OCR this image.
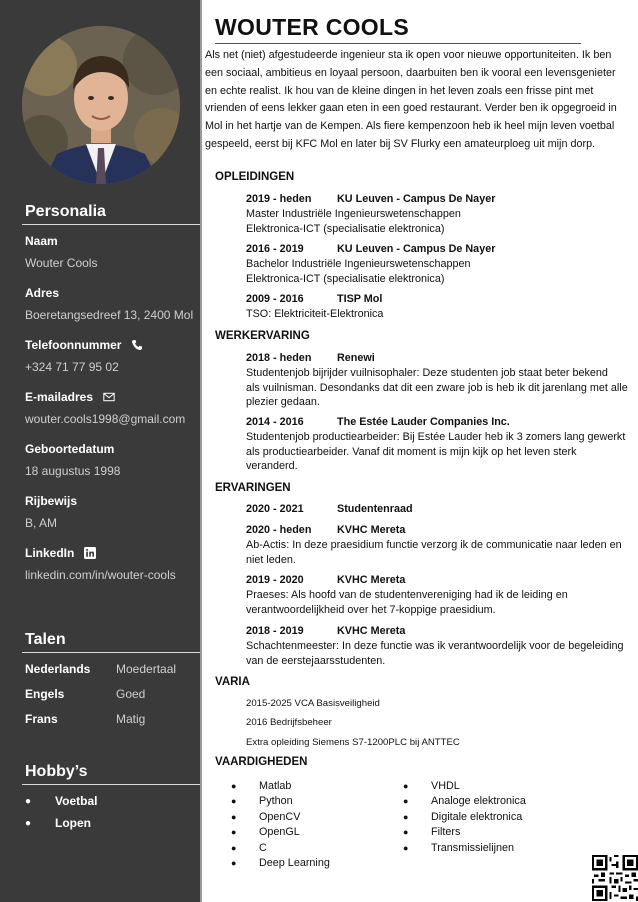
Personalia
Naam
Wouter Cools
Adres
Boeretangsedreef 13, 2400 Mol
Telefoonnummer
+324 71 77 95 02
E-mailadres
wouter.cools1998@gmail.com
Geboortedatum
18 augustus 1998
Rijbewijs
B, AM
LinkedIn
linkedin.com/in/wouter-cools
Talen
Nederlands	Moedertaal
Engels	Goed
Frans	Matig
Hobby’s
●	Voetbal
●	Lopen
WOUTER COOLS
Als net (niet) afgestudeerde ingenieur sta ik open voor nieuwe opportuniteiten. Ik ben een sociaal, ambitieus en loyaal persoon, daarbuiten ben ik vooral een levensgenieter en echte realist. Ik hou van de kleine dingen in het leven zoals een frisse pint met vrienden of eens lekker gaan eten in een goed restaurant. Verder ben ik opgegroeid in Mol in het hartje van de Kempen. Als fiere kempenzoon heb ik heel mijn leven voetbal gespeeld, eerst bij KFC Mol en later bij SV Flurky een amateurploeg uit mijn dorp.
OPLEIDINGEN
2019 - heden	KU Leuven - Campus De Nayer
Master Industriële Ingenieurswetenschappen
Elektronica-ICT (specialisatie elektronica)
2016 - 2019	KU Leuven - Campus De Nayer
Bachelor Industriële Ingenieurswetenschappen
Elektronica-ICT (specialisatie elektronica)
2009 - 2016	TISP Mol
TSO: Elektriciteit-Elektronica
WERKERVARING
2018 - heden	Renewi
Studentenjob bijrijder vuilnisophaler: Deze studenten job staat beter bekend
als vuilnisman. Desondanks dat dit een zware job is heb ik dit jarenlang met alle
plezier gedaan.
2014 - 2016	The Estée Lauder Companies Inc.
Studentenjob productiearbeider: Bij Estée Lauder heb ik 3 zomers lang gewerkt
als productiearbeider. Vanaf dit moment is mijn kijk op het leven sterk
veranderd.
ERVARINGEN
2020 - 2021	Studentenraad
2020 - heden	KVHC Mereta
Ab-Actis: In deze praesidium functie verzorg ik de communicatie naar leden en
niet leden.
2019 - 2020	KVHC Mereta
Praeses: Als hoofd van de studentenvereniging had ik de leiding en
verantwoordelijkheid over het 7-koppige praesidium.
2018 - 2019	KVHC Mereta
Schachtenmeester: In deze functie was ik verantwoordelijk voor de begeleiding
van de eerstejaarsstudenten.
VARIA
2015-2025 VCA Basisveiligheid
2016 Bedrijfsbeheer
Extra opleiding Siemens S7-1200PLC bij ANTTEC
VAARDIGHEDEN
●	Matlab
●	Python
●	OpenCV
●	OpenGL
●	C
●	Deep Learning
●	VHDL
●	Analoge elektronica
●	Digitale elektronica
●	Filters
●	Transmissielijnen
